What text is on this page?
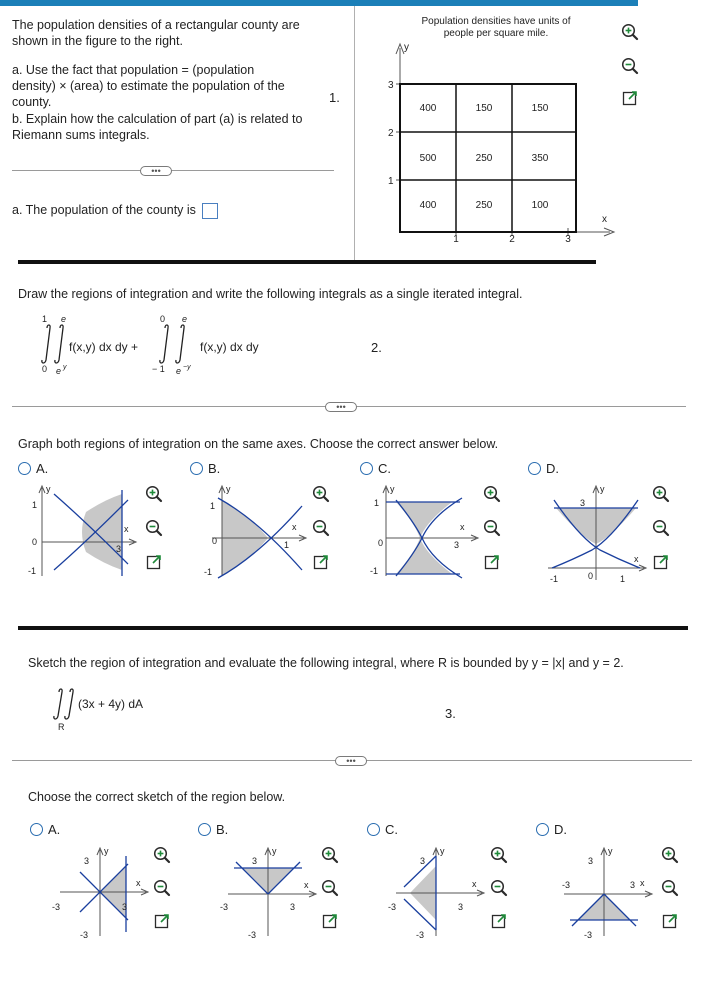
The population densities of a rectangular county are
shown in the figure to the right.
a. Use the fact that population = (population
density) × (area) to estimate the population of the
county.
b. Explain how the calculation of part (a) is related to
Riemann sums integrals.
1.
•••
a. The population of the county is
Population densities have units of
people per square mile.
y
x
3
2
1
1	2	3
400	150	150
500	250	350
400	250	100
Draw the regions of integration and write the following integrals as a single iterated integral.
1 e
f(x,y) dx dy +
0 e y
0 e
f(x,y) dx dy
− 1 e −y
2.
•••
Graph both regions of integration on the same axes. Choose the correct answer below.
A.	B.	C.	D.
y
1
0
-1
x
3
y
1
0
-1
x
1
y
1
0
-1
x
3
y
3
-1	0	1
x
Sketch the region of integration and evaluate the following integral, where R is bounded by y = |x| and y = 2.
(3x + 4y) dA
R
3.
•••
Choose the correct sketch of the region below.
A.	B.	C.	D.
y
3
-3
-3	3
x
y
3
-3
-3	3
x
y
3
-3
-3	3
x
y
3
-3
-3	3 x
